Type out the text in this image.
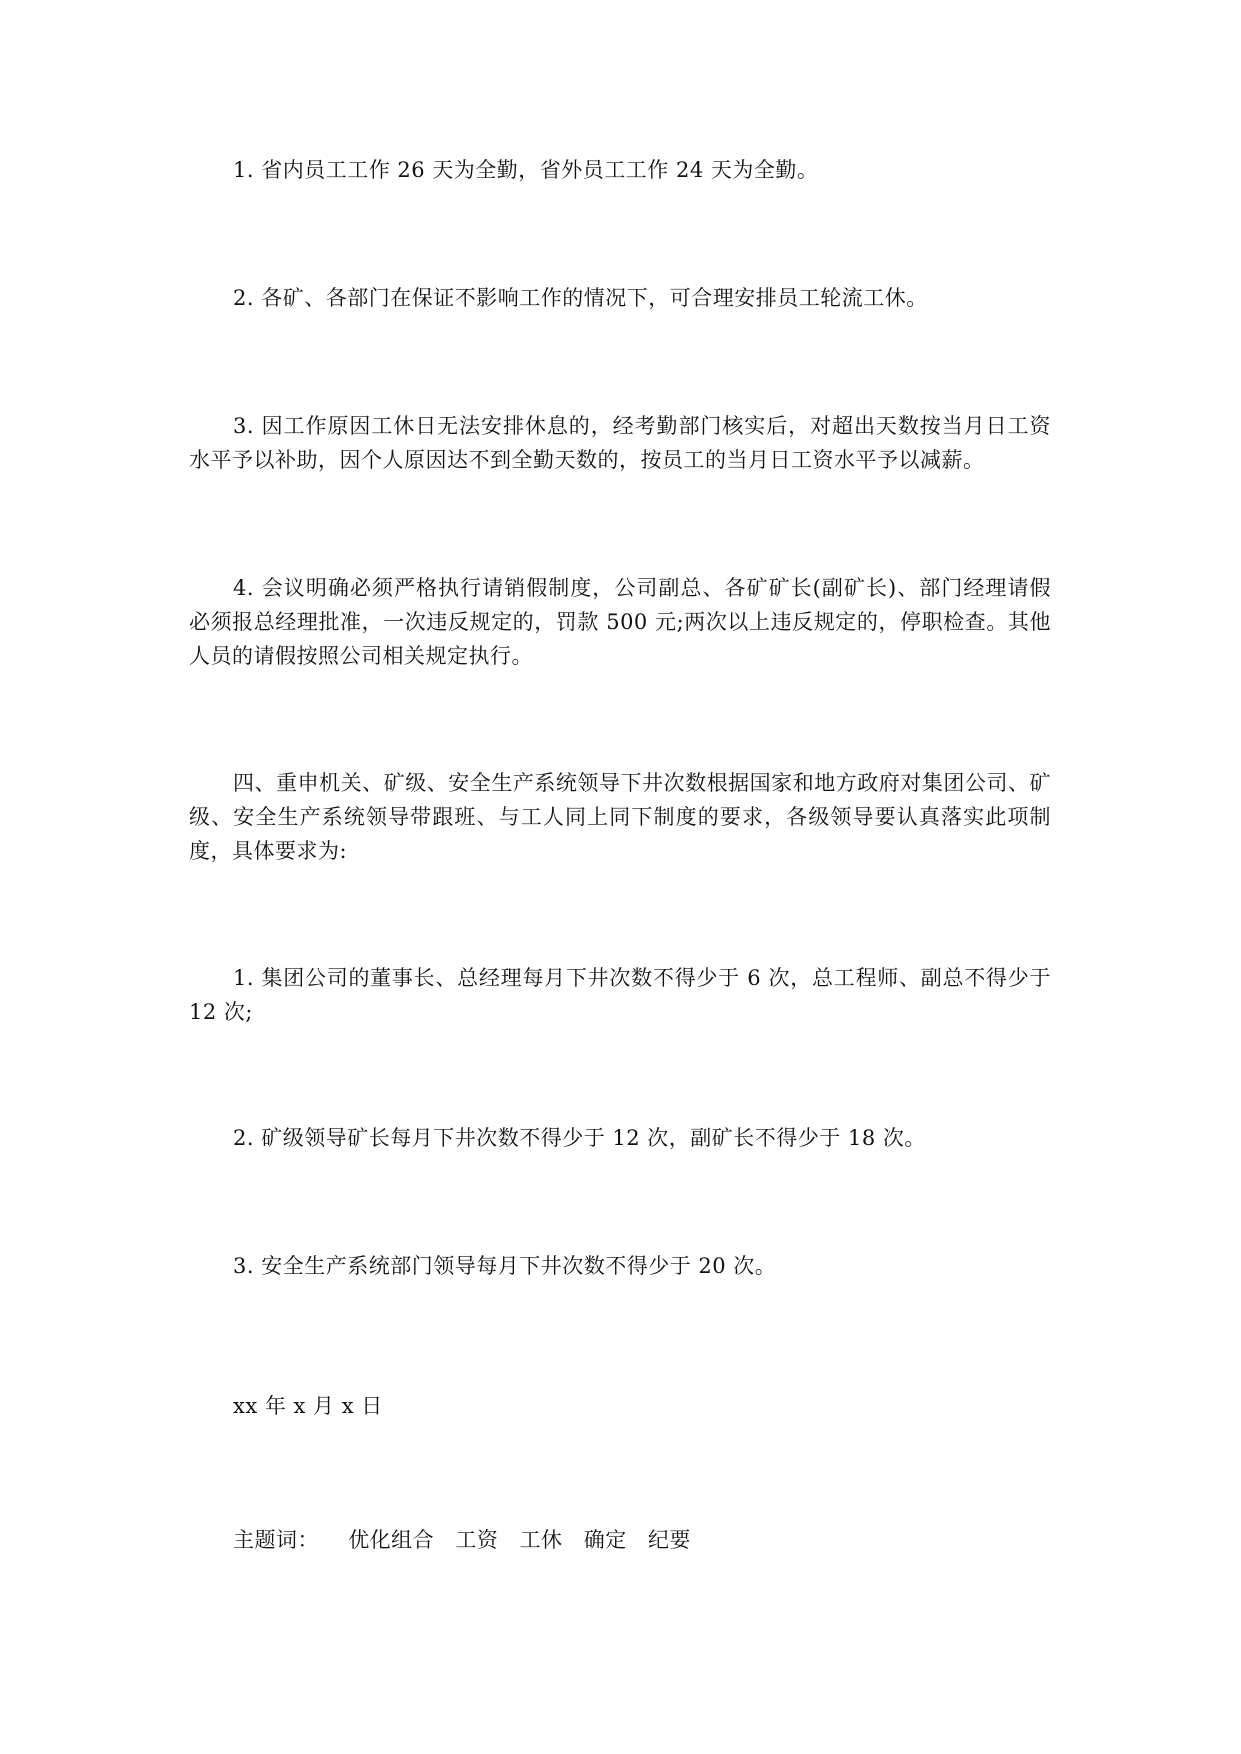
1. 省内员工工作 26 天为全勤，省外员工工作 24 天为全勤。

2. 各矿、各部门在保证不影响工作的情况下，可合理安排员工轮流工休。

3. 因工作原因工休日无法安排休息的，经考勤部门核实后，对超出天数按当月日工资水平予以补助，因个人原因达不到全勤天数的，按员工的当月日工资水平予以减薪。

4. 会议明确必须严格执行请销假制度，公司副总、各矿矿长(副矿长)、部门经理请假必须报总经理批准，一次违反规定的，罚款 500 元;两次以上违反规定的，停职检查。其他人员的请假按照公司相关规定执行。

四、重申机关、矿级、安全生产系统领导下井次数根据国家和地方政府对集团公司、矿级、安全生产系统领导带跟班、与工人同上同下制度的要求，各级领导要认真落实此项制度，具体要求为:

1. 集团公司的董事长、总经理每月下井次数不得少于 6 次，总工程师、副总不得少于 12 次;

2. 矿级领导矿长每月下井次数不得少于 12 次，副矿长不得少于 18 次。

3. 安全生产系统部门领导每月下井次数不得少于 20 次。

xx 年 x 月 x 日

主题词： 优化组合 工资 工休 确定 纪要
